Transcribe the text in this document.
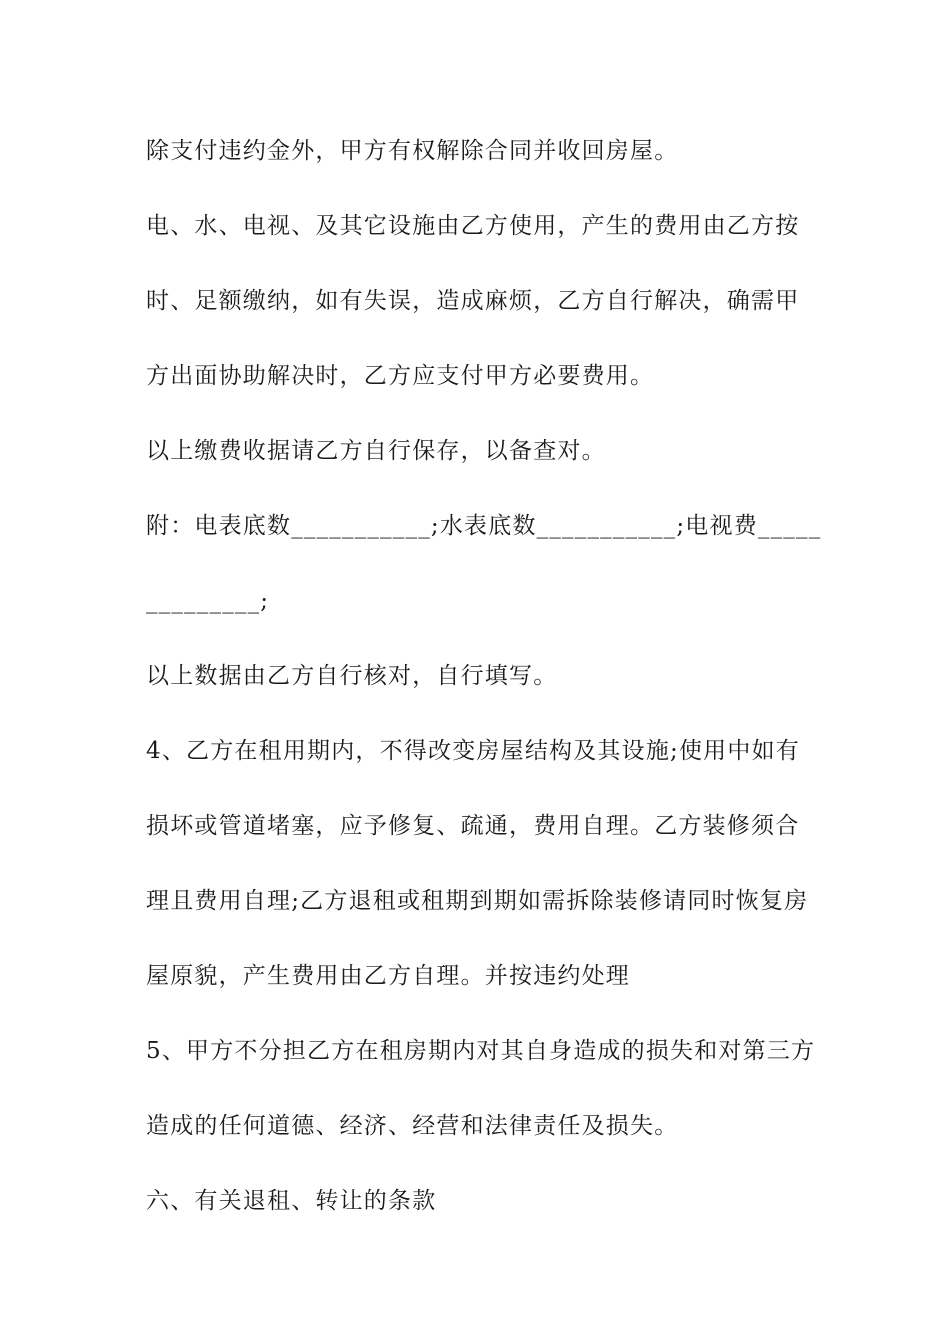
除支付违约金外，甲方有权解除合同并收回房屋。
电、水、电视、及其它设施由乙方使用，产生的费用由乙方按
时、足额缴纳，如有失误，造成麻烦，乙方自行解决，确需甲
方出面协助解决时，乙方应支付甲方必要费用。
以上缴费收据请乙方自行保存，以备查对。
附：电表底数___________;水表底数___________;电视费_____
_________;
以上数据由乙方自行核对，自行填写。
4、乙方在租用期内，不得改变房屋结构及其设施;使用中如有
损坏或管道堵塞，应予修复、疏通，费用自理。乙方装修须合
理且费用自理;乙方退租或租期到期如需拆除装修请同时恢复房
屋原貌，产生费用由乙方自理。并按违约处理
5、甲方不分担乙方在租房期内对其自身造成的损失和对第三方
造成的任何道德、经济、经营和法律责任及损失。
六、有关退租、转让的条款
